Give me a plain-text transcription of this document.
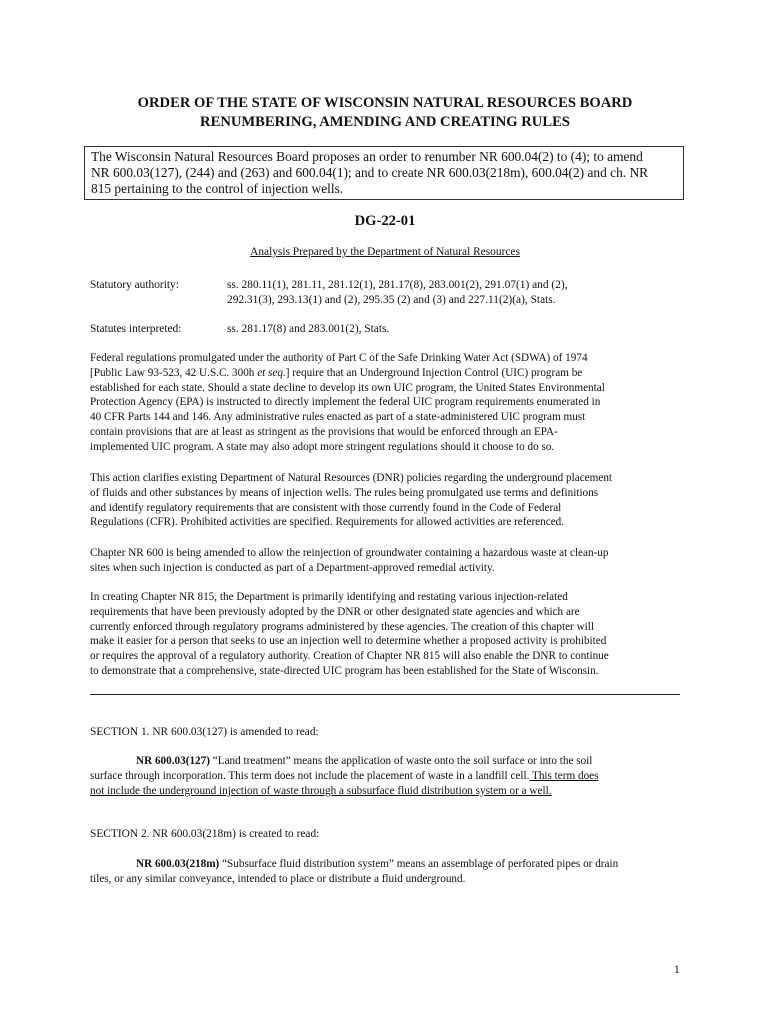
ORDER OF THE STATE OF WISCONSIN NATURAL RESOURCES BOARD
RENUMBERING, AMENDING AND CREATING RULES
The Wisconsin Natural Resources Board proposes an order to renumber NR 600.04(2) to (4); to amend
NR 600.03(127), (244) and (263) and 600.04(1); and to create NR 600.03(218m), 600.04(2) and ch. NR
815 pertaining to the control of injection wells.
DG-22-01
Analysis Prepared by the Department of Natural Resources
Statutory authority:	ss. 280.11(1), 281.11, 281.12(1), 281.17(8), 283.001(2), 291.07(1) and (2),
292.31(3), 293.13(1) and (2), 295.35 (2) and (3) and 227.11(2)(a), Stats.
Statutes interpreted:	ss. 281.17(8) and 283.001(2), Stats.
Federal regulations promulgated under the authority of Part C of the Safe Drinking Water Act (SDWA) of 1974
[Public Law 93-523, 42 U.S.C. 300h et seq.] require that an Underground Injection Control (UIC) program be
established for each state. Should a state decline to develop its own UIC program, the United States Environmental
Protection Agency (EPA) is instructed to directly implement the federal UIC program requirements enumerated in
40 CFR Parts 144 and 146. Any administrative rules enacted as part of a state-administered UIC program must
contain provisions that are at least as stringent as the provisions that would be enforced through an EPA-
implemented UIC program. A state may also adopt more stringent regulations should it choose to do so.
This action clarifies existing Department of Natural Resources (DNR) policies regarding the underground placement
of fluids and other substances by means of injection wells. The rules being promulgated use terms and definitions
and identify regulatory requirements that are consistent with those currently found in the Code of Federal
Regulations (CFR). Prohibited activities are specified. Requirements for allowed activities are referenced.
Chapter NR 600 is being amended to allow the reinjection of groundwater containing a hazardous waste at clean-up
sites when such injection is conducted as part of a Department-approved remedial activity.
In creating Chapter NR 815, the Department is primarily identifying and restating various injection-related
requirements that have been previously adopted by the DNR or other designated state agencies and which are
currently enforced through regulatory programs administered by these agencies. The creation of this chapter will
make it easier for a person that seeks to use an injection well to determine whether a proposed activity is prohibited
or requires the approval of a regulatory authority. Creation of Chapter NR 815 will also enable the DNR to continue
to demonstrate that a comprehensive, state-directed UIC program has been established for the State of Wisconsin.
SECTION 1. NR 600.03(127) is amended to read:
NR 600.03(127) “Land treatment” means the application of waste onto the soil surface or into the soil
surface through incorporation. This term does not include the placement of waste in a landfill cell. This term does
not include the underground injection of waste through a subsurface fluid distribution system or a well.
SECTION 2. NR 600.03(218m) is created to read:
NR 600.03(218m) “Subsurface fluid distribution system” means an assemblage of perforated pipes or drain
tiles, or any similar conveyance, intended to place or distribute a fluid underground.
1
